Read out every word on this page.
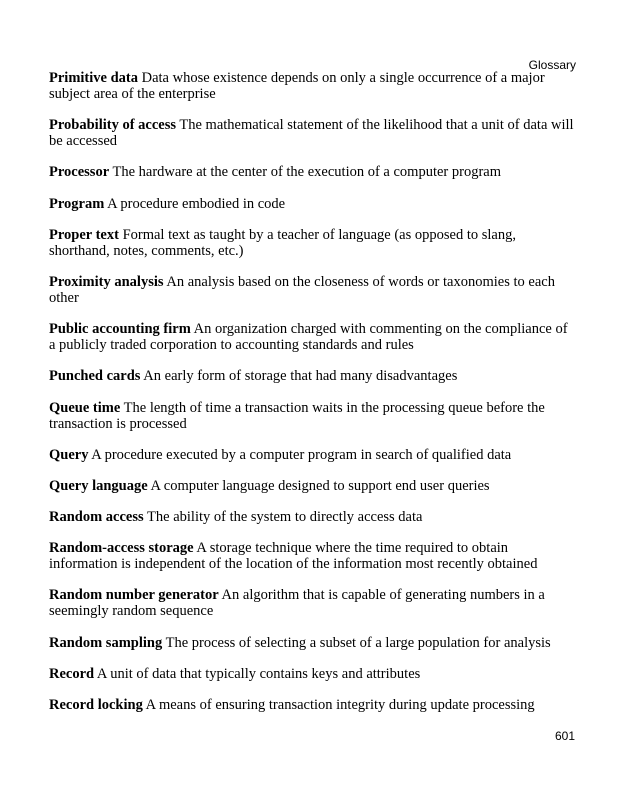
Glossary

Primitive data Data whose existence depends on only a single occurrence of a major subject area of the enterprise

Probability of access The mathematical statement of the likelihood that a unit of data will be accessed

Processor The hardware at the center of the execution of a computer program

Program A procedure embodied in code

Proper text Formal text as taught by a teacher of language (as opposed to slang, shorthand, notes, comments, etc.)

Proximity analysis An analysis based on the closeness of words or taxonomies to each other

Public accounting firm An organization charged with commenting on the compliance of a publicly traded corporation to accounting standards and rules

Punched cards An early form of storage that had many disadvantages

Queue time The length of time a transaction waits in the processing queue before the transaction is processed

Query A procedure executed by a computer program in search of qualified data

Query language A computer language designed to support end user queries

Random access The ability of the system to directly access data

Random-access storage A storage technique where the time required to obtain information is independent of the location of the information most recently obtained

Random number generator An algorithm that is capable of generating numbers in a seemingly random sequence

Random sampling The process of selecting a subset of a large population for analysis

Record A unit of data that typically contains keys and attributes

Record locking A means of ensuring transaction integrity during update processing

601
